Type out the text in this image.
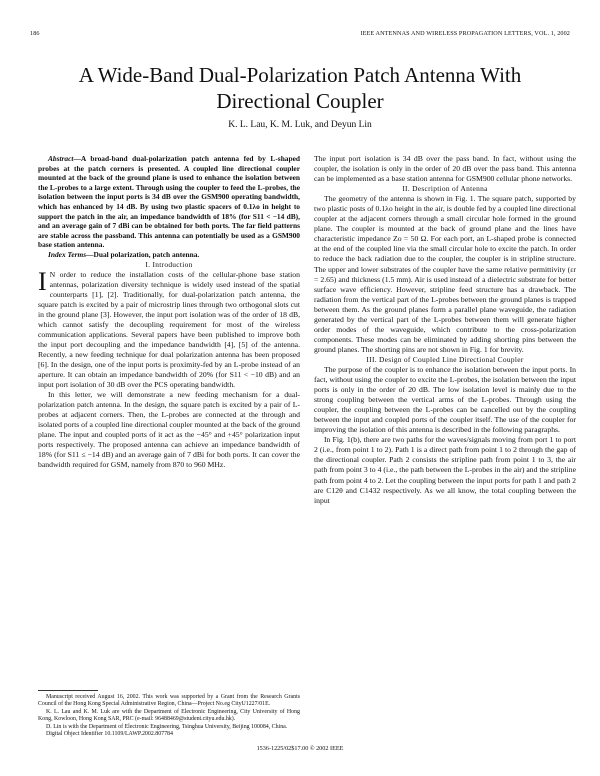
186	IEEE ANTENNAS AND WIRELESS PROPAGATION LETTERS, VOL. 1, 2002
A Wide-Band Dual-Polarization Patch Antenna With Directional Coupler
K. L. Lau, K. M. Luk, and Deyun Lin

Abstract—A broad-band dual-polarization patch antenna fed by L-shaped probes at the patch corners is presented. A coupled line directional coupler mounted at the back of the ground plane is used to enhance the isolation between the L-probes to a large extent. Through using the coupler to feed the L-probes, the isolation between the input ports is 34 dB over the GSM900 operating bandwidth, which has enhanced by 14 dB. By using two plastic spacers of 0.1λo in height to support the patch in the air, an impedance bandwidth of 18% (for S11 < −14 dB), and an average gain of 7 dBi can be obtained for both ports. The far field patterns are stable across the passband. This antenna can potentially be used as a GSM900 base station antenna.

Index Terms—Dual polarization, patch antenna.

I. Introduction

I N order to reduce the installation costs of the cellular-phone base station antennas, polarization diversity technique is widely used instead of the spatial counterparts [1], [2]. Traditionally, for dual-polarization patch antenna, the square patch is excited by a pair of microstrip lines through two orthogonal slots cut in the ground plane [3]. However, the input port isolation was of the order of 18 dB, which cannot satisfy the decoupling requirement for most of the wireless communication applications. Several papers have been published to improve both the input port decoupling and the impedance bandwidth [4], [5] of the antenna. Recently, a new feeding technique for dual polarization antenna has been proposed [6]. In the design, one of the input ports is proximity-fed by an L-probe instead of an aperture. It can obtain an impedance bandwidth of 20% (for S11 < −10 dB) and an input port isolation of 30 dB over the PCS operating bandwidth.

In this letter, we will demonstrate a new feeding mechanism for a dual-polarization patch antenna. In the design, the square patch is excited by a pair of L-probes at adjacent corners. Then, the L-probes are connected at the through and isolated ports of a coupled line directional coupler mounted at the back of the ground plane. The input and coupled ports of it act as the −45° and +45° polarization input ports respectively. The proposed antenna can achieve an impedance bandwidth of 18% (for S11 ≤ −14 dB) and an average gain of 7 dBi for both ports. It can cover the bandwidth required for GSM, namely from 870 to 960 MHz.

Manuscript received August 16, 2002. This work was supported by a Grant from the Research Grants Council of the Hong Kong Special Administrative Region, China—Project No.eg CityU1227/01E.

K. L. Lau and K. M. Luk are with the Department of Electronic Engineering, City University of Hong Kong, Kowloon, Hong Kong SAR, PRC (e-mail: 96488469@student.cityu.edu.hk).

D. Lin is with the Department of Electronic Engineering, Tsinghua University, Beijing 100084, China.

Digital Object Identifier 10.1109/LAWP.2002.807784

The input port isolation is 34 dB over the pass band. In fact, without using the coupler, the isolation is only in the order of 20 dB over the pass band. This antenna can be implemented as a base station antenna for GSM900 cellular phone networks.

II. Description of Antenna

The geometry of the antenna is shown in Fig. 1. The square patch, supported by two plastic posts of 0.1λo height in the air, is double fed by a coupled line directional coupler at the adjacent corners through a small circular hole formed in the ground plane. The coupler is mounted at the back of ground plane and the lines have characteristic impedance Zo = 50 Ω. For each port, an L-shaped probe is connected at the end of the coupled line via the small circular hole to excite the patch. In order to reduce the back radiation due to the coupler, the coupler is in stripline structure. The upper and lower substrates of the coupler have the same relative permittivity (εr = 2.65) and thickness (1.5 mm). Air is used instead of a dielectric substrate for better surface wave efficiency. However, stripline feed structure has a drawback. The radiation from the vertical part of the L-probes between the ground planes is trapped between them. As the ground planes form a parallel plane waveguide, the radiation generated by the vertical part of the L-probes between them will generate higher order modes of the waveguide, which contribute to the cross-polarization components. These modes can be eliminated by adding shorting pins between the ground planes. The shorting pins are not shown in Fig. 1 for brevity.

III. Design of Coupled Line Directional Coupler

The purpose of the coupler is to enhance the isolation between the input ports. In fact, without using the coupler to excite the L-probes, the isolation between the input ports is only in the order of 20 dB. The low isolation level is mainly due to the strong coupling between the vertical arms of the L-probes. Through using the coupler, the coupling between the L-probes can be cancelled out by the coupling between the input and coupled ports of the coupler itself. The use of the coupler for improving the isolation of this antenna is described in the following paragraphs.

In Fig. 1(b), there are two paths for the waves/signals moving from port 1 to port 2 (i.e., from point 1 to 2). Path 1 is a direct path from point 1 to 2 through the gap of the directional coupler. Path 2 consists the stripline path from point 1 to 3, the air path from point 3 to 4 (i.e., the path between the L-probes in the air) and the stripline path from point 4 to 2. Let the coupling between the input ports for path 1 and path 2 are C12θ and C1432 respectively. As we all know, the total coupling between the input

1536-1225/02$17.00 © 2002 IEEE
